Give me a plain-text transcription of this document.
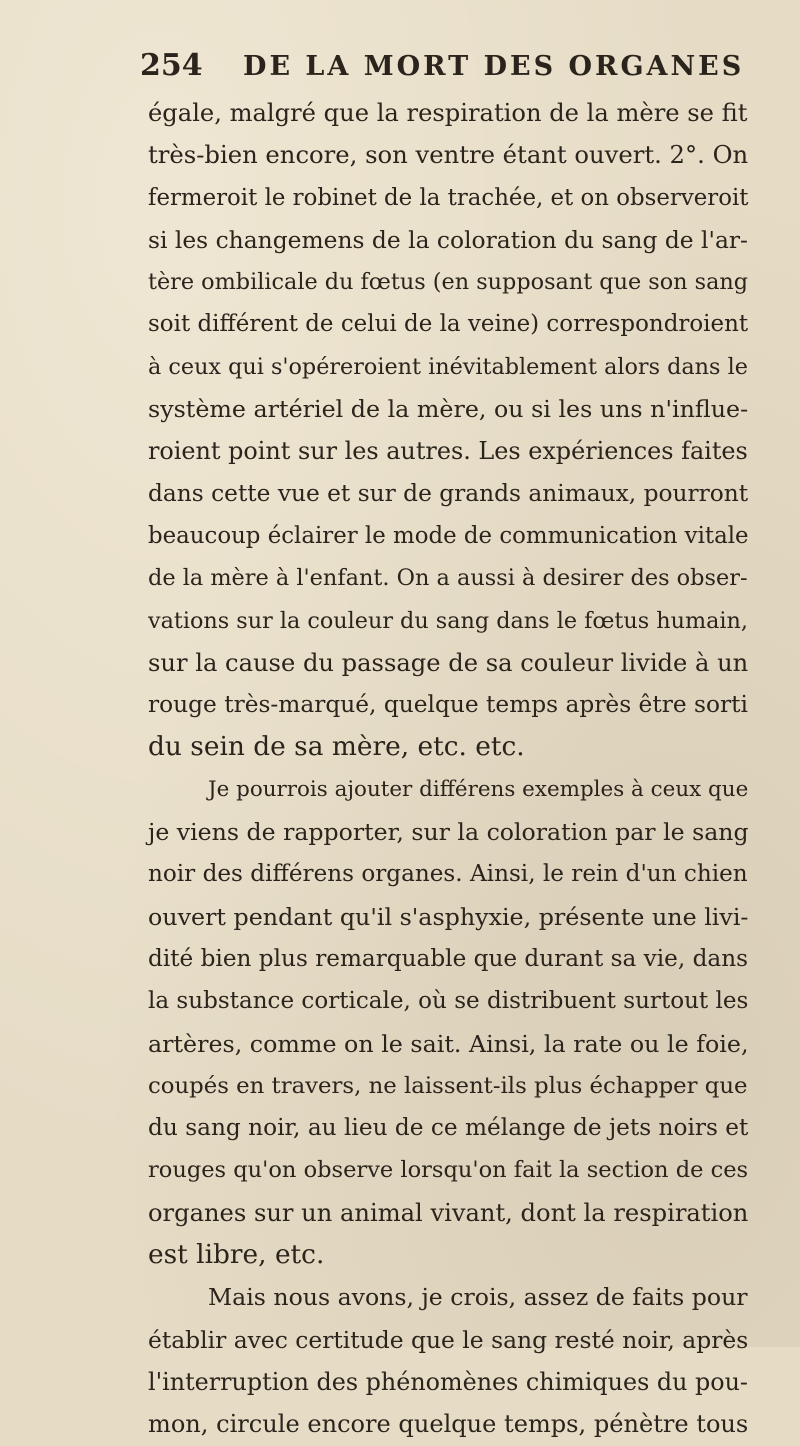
254 DE LA MORT DES ORGANES
égale, malgré que la respiration de la mère se fit
très-bien encore, son ventre étant ouvert. 2°. On
fermeroit le robinet de la trachée, et on observeroit
si les changemens de la coloration du sang de l'ar-
tère ombilicale du fœtus (en supposant que son sang
soit différent de celui de la veine) correspondroient
à ceux qui s'opéreroient inévitablement alors dans le
système artériel de la mère, ou si les uns n'influe-
roient point sur les autres. Les expériences faites
dans cette vue et sur de grands animaux, pourront
beaucoup éclairer le mode de communication vitale
de la mère à l'enfant. On a aussi à desirer des obser-
vations sur la couleur du sang dans le fœtus humain,
sur la cause du passage de sa couleur livide à un
rouge très-marqué, quelque temps après être sorti
du sein de sa mère, etc. etc.
Je pourrois ajouter différens exemples à ceux que
je viens de rapporter, sur la coloration par le sang
noir des différens organes. Ainsi, le rein d'un chien
ouvert pendant qu'il s'asphyxie, présente une livi-
dité bien plus remarquable que durant sa vie, dans
la substance corticale, où se distribuent surtout les
artères, comme on le sait. Ainsi, la rate ou le foie,
coupés en travers, ne laissent-ils plus échapper que
du sang noir, au lieu de ce mélange de jets noirs et
rouges qu'on observe lorsqu'on fait la section de ces
organes sur un animal vivant, dont la respiration
est libre, etc.
Mais nous avons, je crois, assez de faits pour
établir avec certitude que le sang resté noir, après
l'interruption des phénomènes chimiques du pou-
mon, circule encore quelque temps, pénètre tous
